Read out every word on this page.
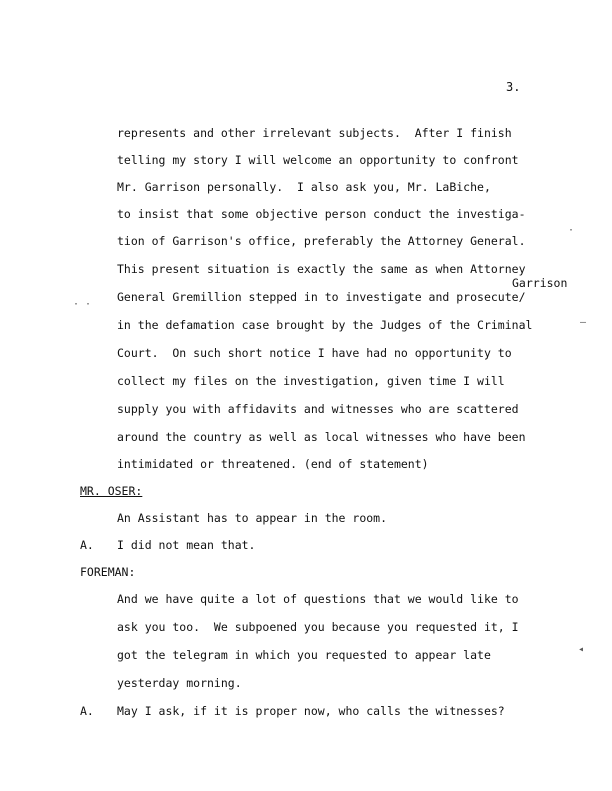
3.
represents and other irrelevant subjects.  After I finish
telling my story I will welcome an opportunity to confront
Mr. Garrison personally.  I also ask you, Mr. LaBiche,
to insist that some objective person conduct the investiga-
tion of Garrison's office, preferably the Attorney General.
This present situation is exactly the same as when Attorney
Garrison
General Gremillion stepped in to investigate and prosecute/
in the defamation case brought by the Judges of the Criminal
Court.  On such short notice I have had no opportunity to
collect my files on the investigation, given time I will
supply you with affidavits and witnesses who are scattered
around the country as well as local witnesses who have been
intimidated or threatened. (end of statement)
MR. OSER:
An Assistant has to appear in the room.
A. I did not mean that.
FOREMAN:
And we have quite a lot of questions that we would like to
ask you too.  We subpoened you because you requested it, I
got the telegram in which you requested to appear late
yesterday morning.
A. May I ask, if it is proper now, who calls the witnesses?
· ·
—
·
◂
